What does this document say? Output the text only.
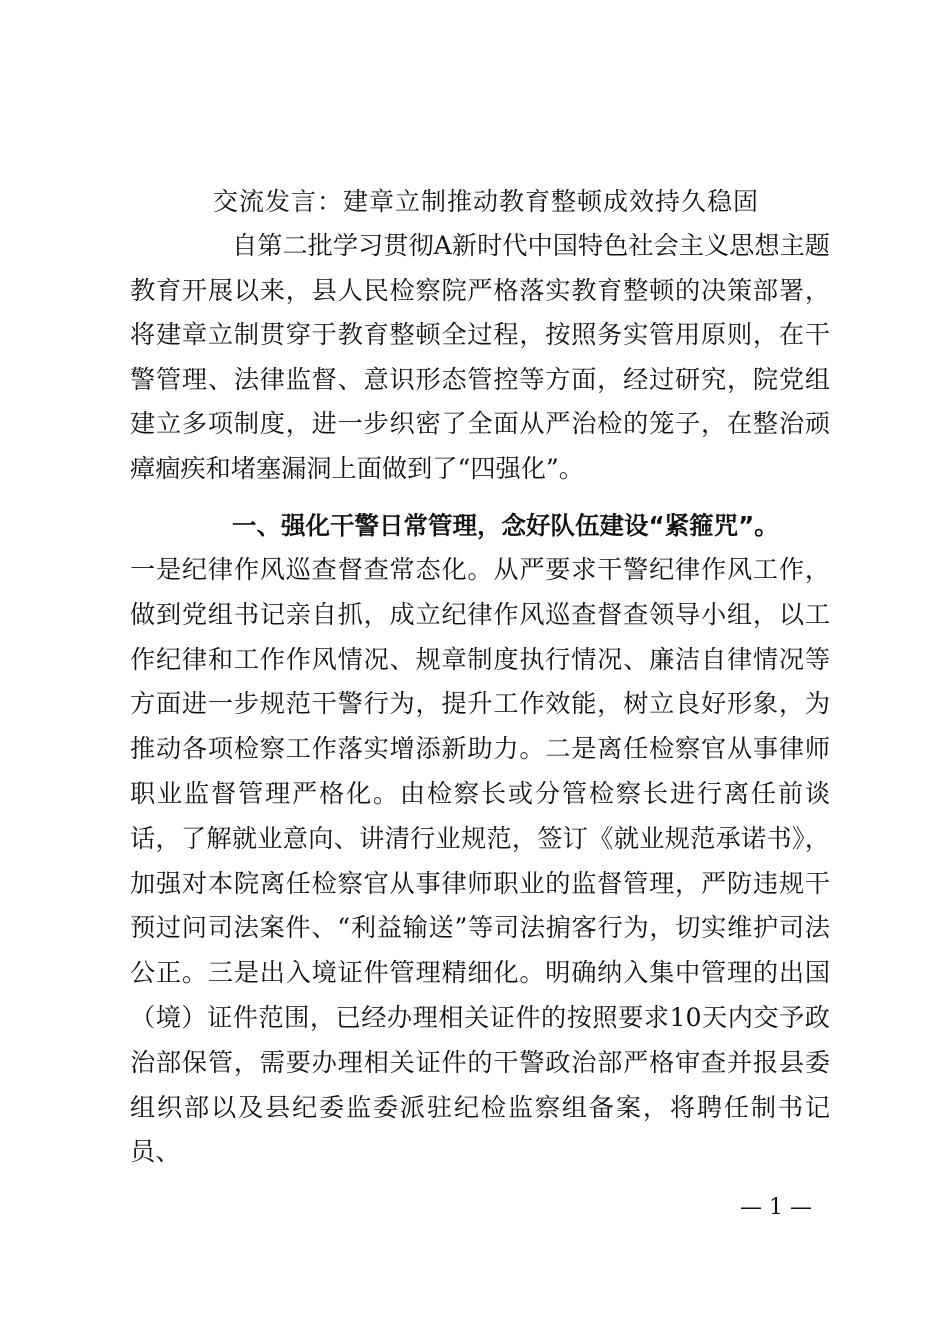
交流发言：建章立制推动教育整顿成效持久稳固
自第二批学习贯彻A新时代中国特色社会主义思想主题教育开展以来，县人民检察院严格落实教育整顿的决策部署，将建章立制贯穿于教育整顿全过程，按照务实管用原则，在干警管理、法律监督、意识形态管控等方面，经过研究，院党组建立多项制度，进一步织密了全面从严治检的笼子，在整治顽瘴痼疾和堵塞漏洞上面做到了“四强化”。
一、强化干警日常管理，念好队伍建设“紧箍咒”。
一是纪律作风巡查督查常态化。从严要求干警纪律作风工作，做到党组书记亲自抓，成立纪律作风巡查督查领导小组，以工作纪律和工作作风情况、规章制度执行情况、廉洁自律情况等方面进一步规范干警行为，提升工作效能，树立良好形象，为推动各项检察工作落实增添新助力。二是离任检察官从事律师职业监督管理严格化。由检察长或分管检察长进行离任前谈话，了解就业意向、讲清行业规范，签订《就业规范承诺书》，加强对本院离任检察官从事律师职业的监督管理，严防违规干预过问司法案件、“利益输送”等司法掮客行为，切实维护司法公正。三是出入境证件管理精细化。明确纳入集中管理的出国（境）证件范围，已经办理相关证件的按照要求10天内交予政治部保管，需要办理相关证件的干警政治部严格审查并报县委组织部以及县纪委监委派驻纪检监察组备案，将聘任制书记员、
— 1 —
